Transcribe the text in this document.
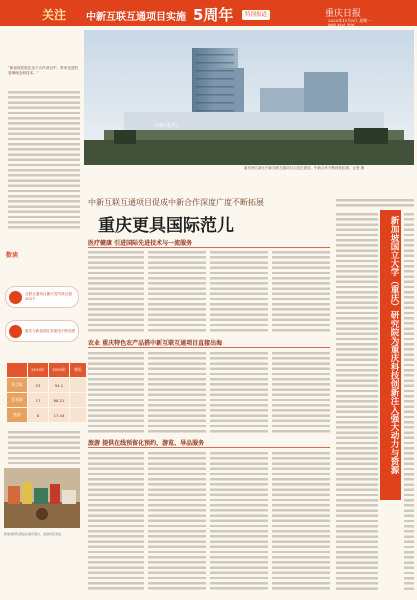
关注 中新互联互通项目实施 5周年	特别报道	重庆日报
2020年11月8日 星期一
编辑 校对 美编
中新(重庆)
重庆两江新区中新互联互通项目示范区建设，中新合作不断深化拓展。记者 摄
中新互联互通项目促成中新合作深度广度不断拓展
重庆更具国际范儿
医疗健康 引进国际先进技术与一流服务
农业 重庆特色农产品搭中新互联互通项目直接出海
旅游 提供在线预留化预约，游览、导品服务
“新加坡医院在这个合作项目中，带来先进的管理理念和技术。”
数读
互联互通项目累计签约项目超200个
重庆与新加坡往来航线不断加密
	2019年	2020年	增长
项目数	23	94.1	
贸易额	17	68.21	
旅游	8	17.44	
新加坡特色商品在重庆展出，受到市民欢迎。
新加坡国立大学（重庆）研究院为重庆科技创新注入强大动力与资源
